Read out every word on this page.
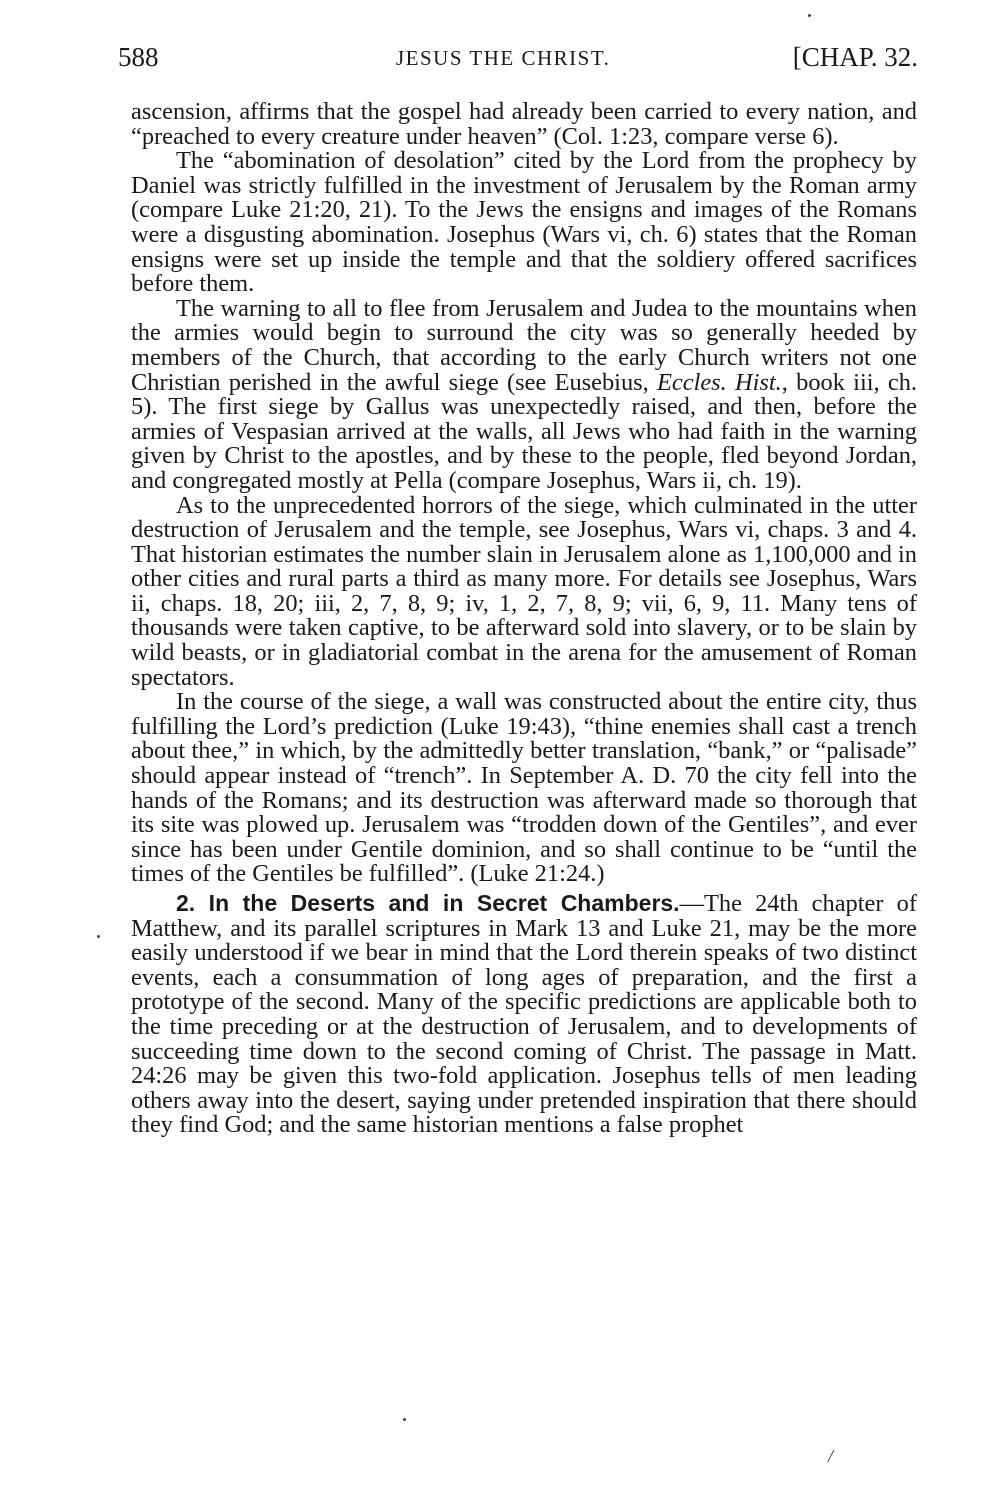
588	JESUS THE CHRIST.	[CHAP. 32.

ascension, affirms that the gospel had already been carried to every nation, and “preached to every creature under heaven” (Col. 1:23, compare verse 6).

The “abomination of desolation” cited by the Lord from the prophecy by Daniel was strictly fulfilled in the investment of Jerusalem by the Roman army (compare Luke 21:20, 21). To the Jews the ensigns and images of the Romans were a disgusting abomination. Josephus (Wars vi, ch. 6) states that the Roman ensigns were set up inside the temple and that the soldiery offered sacrifices before them.

The warning to all to flee from Jerusalem and Judea to the mountains when the armies would begin to surround the city was so generally heeded by members of the Church, that according to the early Church writers not one Christian perished in the awful siege (see Eusebius, Eccles. Hist., book iii, ch. 5). The first siege by Gallus was unexpectedly raised, and then, before the armies of Vespasian arrived at the walls, all Jews who had faith in the warning given by Christ to the apostles, and by these to the people, fled beyond Jordan, and congregated mostly at Pella (compare Josephus, Wars ii, ch. 19).

As to the unprecedented horrors of the siege, which culminated in the utter destruction of Jerusalem and the temple, see Josephus, Wars vi, chaps. 3 and 4. That historian estimates the number slain in Jerusalem alone as 1,100,000 and in other cities and rural parts a third as many more. For details see Josephus, Wars ii, chaps. 18, 20; iii, 2, 7, 8, 9; iv, 1, 2, 7, 8, 9; vii, 6, 9, 11. Many tens of thousands were taken captive, to be afterward sold into slavery, or to be slain by wild beasts, or in gladiatorial combat in the arena for the amusement of Roman spectators.

In the course of the siege, a wall was constructed about the entire city, thus fulfilling the Lord’s prediction (Luke 19:43), “thine enemies shall cast a trench about thee,” in which, by the admittedly better translation, “bank,” or “palisade” should appear instead of “trench”. In September A. D. 70 the city fell into the hands of the Romans; and its destruction was afterward made so thorough that its site was plowed up. Jerusalem was “trodden down of the Gentiles”, and ever since has been under Gentile dominion, and so shall continue to be “until the times of the Gentiles be fulfilled”. (Luke 21:24.)

2. In the Deserts and in Secret Chambers.—The 24th chapter of Matthew, and its parallel scriptures in Mark 13 and Luke 21, may be the more easily understood if we bear in mind that the Lord therein speaks of two distinct events, each a consummation of long ages of preparation, and the first a prototype of the second. Many of the specific predictions are applicable both to the time preceding or at the destruction of Jerusalem, and to developments of succeeding time down to the second coming of Christ. The passage in Matt. 24:26 may be given this two-fold application. Josephus tells of men leading others away into the desert, saying under pretended inspiration that there should they find God; and the same historian mentions a false prophet

/
